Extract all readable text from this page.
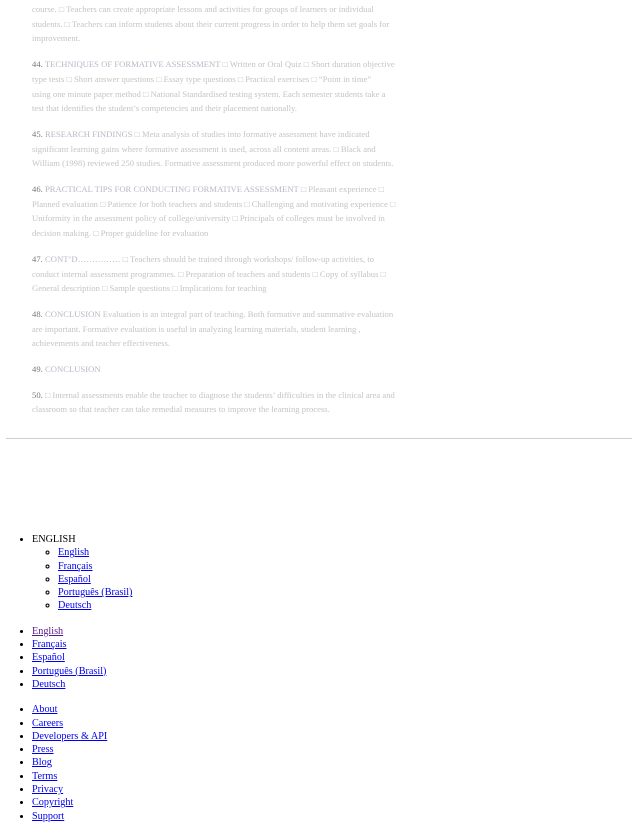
course. □ Teachers can create appropriate lessons and activities for groups of learners or individual
students. □ Teachers can inform students about their current progress in order to help them set goals for
improvement.
44. TECHNIQUES OF FORMATIVE ASSESSMENT □ Written or Oral Quiz □ Short duration objective
type tests □ Short answer questions □ Essay type questions □ Practical exercises □ “Point in time”
using one minute paper method □ National Standardised testing system. Each semester students take a
test that identifies the student’s competencies and their placement nationally.
45. RESEARCH FINDINGS □ Meta analysis of studies into formative assessment have indicated
significant learning gains where formative assessment is used, across all content areas. □ Black and
William (1998) reviewed 250 studies. Formative assessment produced more powerful effect on students.
46. PRACTICAL TIPS FOR CONDUCTING FORMATIVE ASSESSMENT □ Pleasant experience □
Planned evaluation □ Patience for both teachers and students □ Challenging and motivating experience □
Uniformity in the assessment policy of college/university □ Principals of colleges must be involved in
decision making. □ Proper guideline for evaluation
47. CONT’D…………… □ Teachers should be trained through workshops/ follow-up activities, to
conduct internal assessment programmes. □ Preparation of teachers and students □ Copy of syllabus □
General description □ Sample questions □ Implications for teaching
48. CONCLUSION Evaluation is an integral part of teaching. Both formative and summative evaluation
are important. Formative evaluation is useful in analyzing learning materials, student learning ,
achievements and teacher effectiveness.
49. CONCLUSION
50. □ Internal assessments enable the teacher to diagnose the students’ difficulties in the clinical area and
classroom so that teacher can take remedial measures to improve the learning process.
• ENGLISH
◦ English
◦ Français
◦ Español
◦ Português (Brasil)
◦ Deutsch
• English
• Français
• Español
• Português (Brasil)
• Deutsch
• About
• Careers
• Developers & API
• Press
• Blog
• Terms
• Privacy
• Copyright
• Support
